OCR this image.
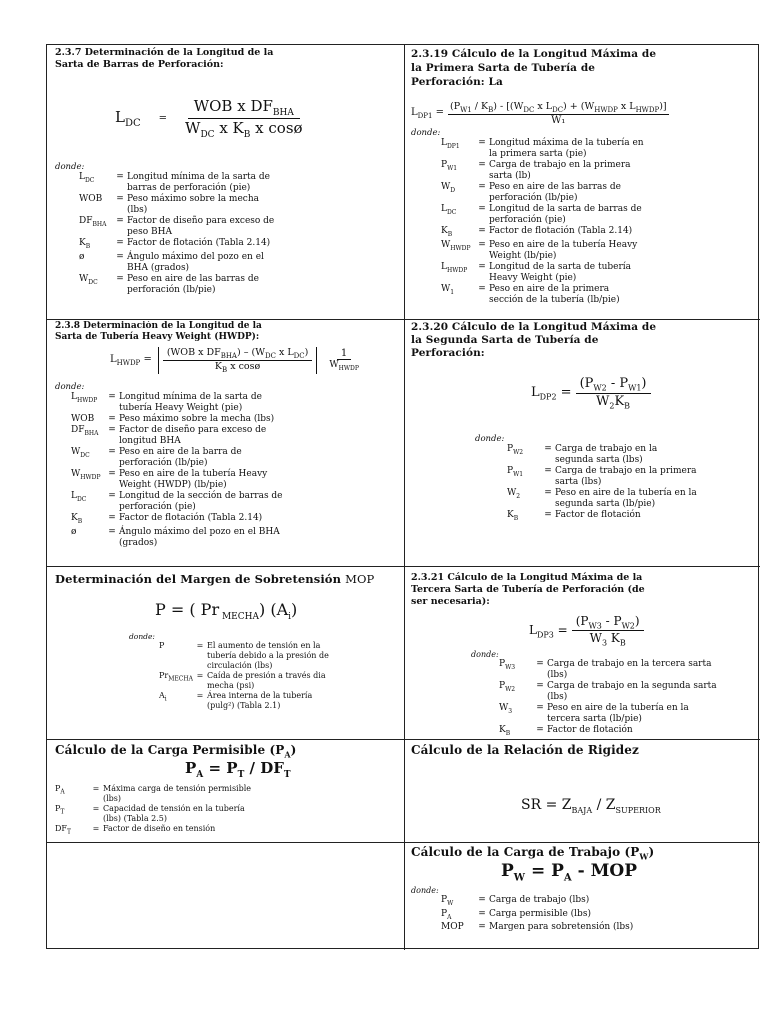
2.3.7 Determinación de la Longitud de la Sarta de Barras de Perforación:
$L_{DC} = \frac{WOB x DF_{BHA}}{W_{DC} x K_B x \cos ø}$
donde:
$L_{DC}$	= Longitud mínima de la sarta de barras de perforación (pie)
WOB	= Peso máximo sobre la mecha (lbs)
$DF_{BHA}$	= Factor de diseño para exceso de peso BHA
$K_B$	= Factor de flotación (Tabla 2.14)
ø	= Ángulo máximo del pozo en el BHA (grados)
$W_{DC}$	= Peso en aire de las barras de perforación (lb/pie)
2.3.19 Cálculo de la Longitud Máxima de la Primera Sarta de Tubería de Perforación: La
$L_{DP1} = \frac{(P_{W1} / K_B) - [(W_{DC} x L_{DC}) + (W_{HWDP} x L_{HWDP})]}{\text{W₁}}$
donde:
$L_{DP1}$	= Longitud máxima de la tubería en la primera sarta (pie)
$P_{W1}$	= Carga de trabajo en la primera sarta (lb)
$W_D$	= Peso en aire de las barras de perforación (lb/pie)
$L_{DC}$	= Longitud de la sarta de barras de perforación (pie)
$K_B$	= Factor de flotación (Tabla 2.14)
$W_{HWDP}$ = Peso en aire de la tubería Heavy Weight (lb/pie)
$L_{HWDP}$	= Longitud de la sarta de tubería Heavy Weight (pie)
$W_1$	= Peso en aire de la primera sección de la tubería (lb/pie)
2.3.8 Determinación de la Longitud de la Sarta de Tubería Heavy Weight (HWDP):
$L_{HWDP} = \frac{(WOB x DF_{BHA}) - (W_{DC} x L_{DC})}{K_B x \cos ø} \frac{1}{W_{HWDP}}$
donde:
$L_{HWDP}$	= Longitud mínima de la sarta de tubería Heavy Weight (pie)
WOB	= Peso máximo sobre la mecha (lbs)
$DF_{BHA}$	= Factor de diseño para exceso de longitud BHA
$W_{DC}$	= Peso en aire de la barra de perforación (lb/pie)
$W_{HWDP}$ = Peso en aire de la tubería Heavy Weight (HWDP) (lb/pie)
$L_{DC}$	= Longitud de la sección de barras de perforación (pie)
$K_B$	= Factor de flotación (Tabla 2.14)
ø	= Ángulo máximo del pozo en el BHA (grados)
2.3.20 Cálculo de la Longitud Máxima de la Segunda Sarta de Tubería de Perforación:
$L_{DP2} = \frac{(P_{W2} - P_{W1})}{W_2K_B}$
donde:
$P_{W2}$	= Carga de trabajo en la segunda sarta (lbs)
$P_{W1}$	= Carga de trabajo en la primera sarta (lbs)
$W_2$	= Peso en aire de la tubería en la segunda sarta (lb/pie)
$K_B$	= Factor de flotación
Determinación del Margen de Sobretensión MOP
P = ( Pr $_{MECHA}$) $(A_i)$
donde:
P	= El aumento de tensión en la tubería debido a la presión de circulación (lbs)
$Pr_{MECHA}$ = Caída de presión a través dia mecha (psi)
$A_i$	= Área interna de la tubería (pulg²) (Tabla 2.1)
2.3.21 Cálculo de la Longitud Máxima de la Tercera Sarta de Tubería de Perforación (de ser necesaria):
$L_{DP3} = \frac{(P_{W3} - P_{W2})}{W_3 K_B}$
donde:
$P_{W3}$	= Carga de trabajo en la tercera sarta (lbs)
$P_{W2}$	= Carga de trabajo en la segunda sarta (lbs)
$W_3$	= Peso en aire de la tubería en la tercera sarta (lb/pie)
$K_B$	= Factor de flotación
Cálculo de la Carga Permisible $(P_A)$
$P_A = P_T / DF_T$
$P_A$	= Máxima carga de tensión permisible (lbs)
$P_T$	= Capacidad de tensión en la tubería (lbs) (Tabla 2.5)
$DF_T$	= Factor de diseño en tensión
Cálculo de la Relación de Rigidez
SR = $Z_{BAJA} / Z_{SUPERIOR}$
Cálculo de la Carga de Trabajo $(P_W)$
$P_W = P_A$ - MOP
donde:
$P_W$	= Carga de trabajo (lbs)
$P_A$	= Carga permisible (lbs)
MOP	= Margen para sobretensión (lbs)
